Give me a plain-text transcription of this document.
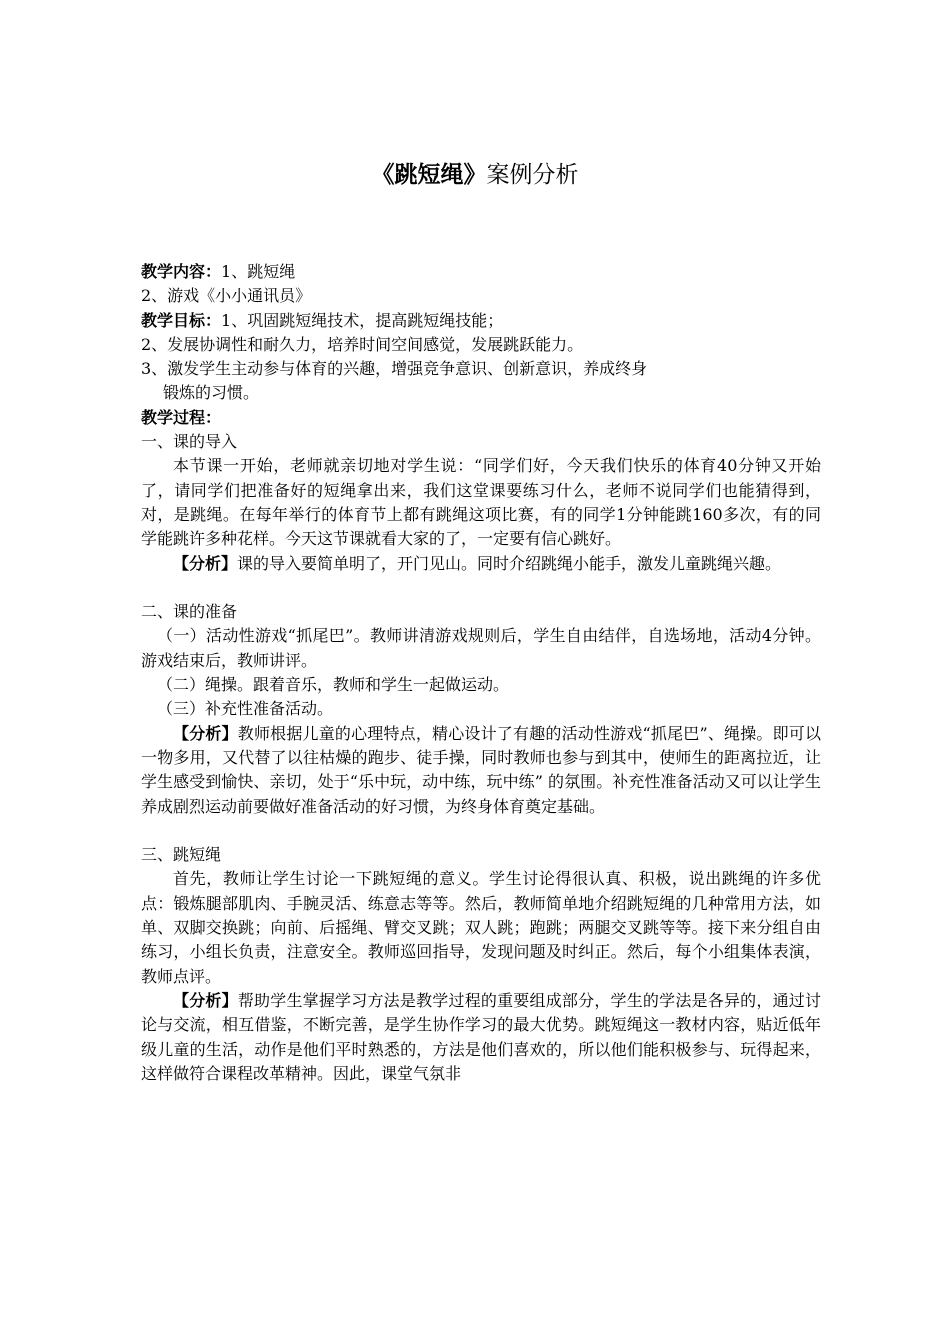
《跳短绳》案例分析

教学内容：1、跳短绳

2、游戏《小小通讯员》

教学目标：1、巩固跳短绳技术，提高跳短绳技能；

2、发展协调性和耐久力，培养时间空间感觉，发展跳跃能力。

3、激发学生主动参与体育的兴趣，增强竞争意识、创新意识，养成终身

锻炼的习惯。

教学过程：

一、课的导入

本节课一开始，老师就亲切地对学生说：“同学们好，今天我们快乐的体育40分钟又开始了，请同学们把准备好的短绳拿出来，我们这堂课要练习什么，老师不说同学们也能猜得到，对，是跳绳。在每年举行的体育节上都有跳绳这项比赛，有的同学1分钟能跳160多次，有的同学能跳许多种花样。今天这节课就看大家的了，一定要有信心跳好。

【分析】课的导入要简单明了，开门见山。同时介绍跳绳小能手，激发儿童跳绳兴趣。

二、课的准备

（一）活动性游戏“抓尾巴”。教师讲清游戏规则后，学生自由结伴，自选场地，活动4分钟。游戏结束后，教师讲评。

（二）绳操。跟着音乐，教师和学生一起做运动。

（三）补充性准备活动。

【分析】教师根据儿童的心理特点，精心设计了有趣的活动性游戏“抓尾巴”、绳操。即可以一物多用，又代替了以往枯燥的跑步、徒手操，同时教师也参与到其中，使师生的距离拉近，让学生感受到愉快、亲切，处于“乐中玩，动中练，玩中练” 的氛围。补充性准备活动又可以让学生养成剧烈运动前要做好准备活动的好习惯，为终身体育奠定基础。

三、跳短绳

首先，教师让学生讨论一下跳短绳的意义。学生讨论得很认真、积极，说出跳绳的许多优点：锻炼腿部肌肉、手腕灵活、练意志等等。然后，教师简单地介绍跳短绳的几种常用方法，如单、双脚交换跳；向前、后摇绳、臂交叉跳；双人跳；跑跳；两腿交叉跳等等。接下来分组自由练习，小组长负责，注意安全。教师巡回指导，发现问题及时纠正。然后，每个小组集体表演，教师点评。

【分析】帮助学生掌握学习方法是教学过程的重要组成部分，学生的学法是各异的，通过讨论与交流，相互借鉴，不断完善，是学生协作学习的最大优势。跳短绳这一教材内容，贴近低年级儿童的生活，动作是他们平时熟悉的，方法是他们喜欢的，所以他们能积极参与、玩得起来，这样做符合课程改革精神。因此，课堂气氛非
